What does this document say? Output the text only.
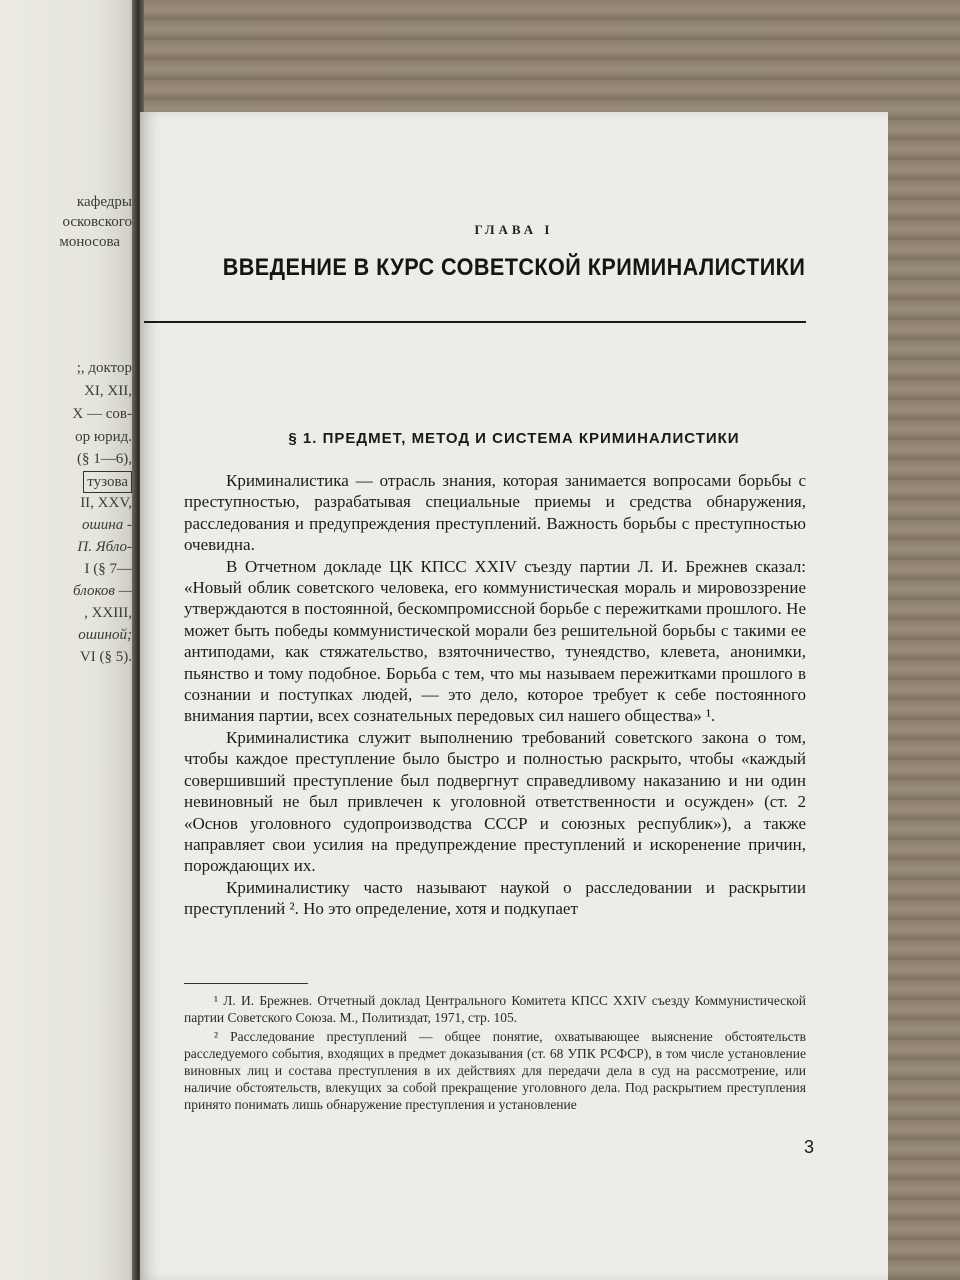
кафедры
осковского
моносова
;, доктор
XI, XII,
X — сов-
ор юрид.
(§ 1—6),
тузова
II, XXV,
ошина -
П. Ябло-
I (§ 7—
блоков —
, XXIII,
ошиной;
VI (§ 5).
ГЛАВА I
ВВЕДЕНИЕ В КУРС СОВЕТСКОЙ КРИМИНАЛИСТИКИ
§ 1. ПРЕДМЕТ, МЕТОД И СИСТЕМА КРИМИНАЛИСТИКИ

Криминалистика — отрасль знания, которая занимается вопросами борьбы с преступностью, разрабатывая специальные приемы и средства обнаружения, расследования и предупреждения преступлений. Важность борьбы с преступностью очевидна.

В Отчетном докладе ЦК КПСС XXIV съезду партии Л. И. Брежнев сказал: «Новый облик советского человека, его коммунистическая мораль и мировоззрение утверждаются в постоянной, бескомпромиссной борьбе с пережитками прошлого. Не может быть победы коммунистической морали без решительной борьбы с такими ее антиподами, как стяжательство, взяточничество, тунеядство, клевета, анонимки, пьянство и тому подобное. Борьба с тем, что мы называем пережитками прошлого в сознании и поступках людей, — это дело, которое требует к себе постоянного внимания партии, всех сознательных передовых сил нашего общества» ¹.

Криминалистика служит выполнению требований советского закона о том, чтобы каждое преступление было быстро и полностью раскрыто, чтобы «каждый совершивший преступление был подвергнут справедливому наказанию и ни один невиновный не был привлечен к уголовной ответственности и осужден» (ст. 2 «Основ уголовного судопроизводства СССР и союзных республик»), а также направляет свои усилия на предупреждение преступлений и искоренение причин, порождающих их.

Криминалистику часто называют наукой о расследовании и раскрытии преступлений ². Но это определение, хотя и подкупает

¹ Л. И. Брежнев. Отчетный доклад Центрального Комитета КПСС XXIV съезду Коммунистической партии Советского Союза. М., Политиздат, 1971, стр. 105.

² Расследование преступлений — общее понятие, охватывающее выяснение обстоятельств расследуемого события, входящих в предмет доказывания (ст. 68 УПК РСФСР), в том числе установление виновных лиц и состава преступления в их действиях для передачи дела в суд на рассмотрение, или наличие обстоятельств, влекущих за собой прекращение уголовного дела. Под раскрытием преступления принято понимать лишь обнаружение преступления и установление

3
